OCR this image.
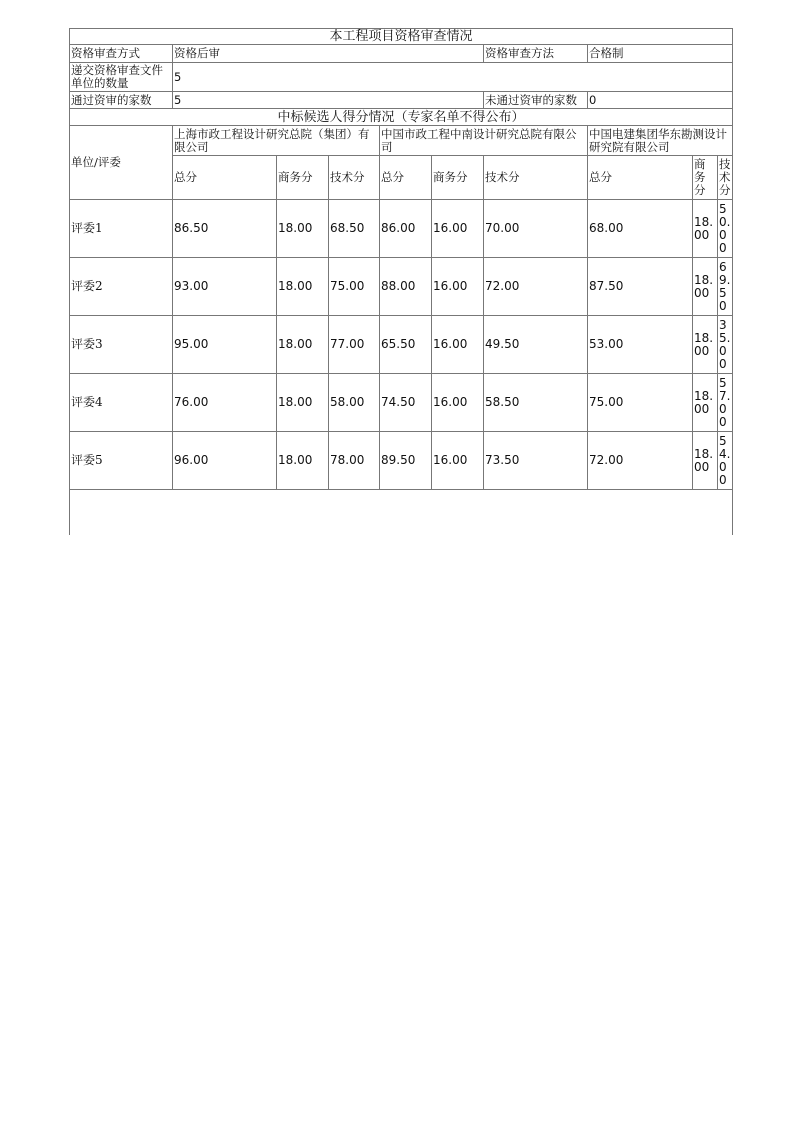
本工程项目资格审查情况									
资格审查方式	资格后审					资格审查方法	合格制		
递交资格审查文件单位的数量	5								
通过资审的家数	5					未通过资审的家数	0		
中标候选人得分情况（专家名单不得公布）									
单位/评委	上海市政工程设计研究总院（集团）有限公司			中国市政工程中南设计研究总院有限公司			中国电建集团华东勘测设计研究院有限公司		
	总分	商务分	技术分	总分	商务分	技术分	总分	商务分	技术分
评委1	86.50	18.00	68.50	86.00	16.00	70.00	68.00	18.00	50.00
评委2	93.00	18.00	75.00	88.00	16.00	72.00	87.50	18.00	69.50
评委3	95.00	18.00	77.00	65.50	16.00	49.50	53.00	18.00	35.00
评委4	76.00	18.00	58.00	74.50	16.00	58.50	75.00	18.00	57.00
评委5	96.00	18.00	78.00	89.50	16.00	73.50	72.00	18.00	54.00
